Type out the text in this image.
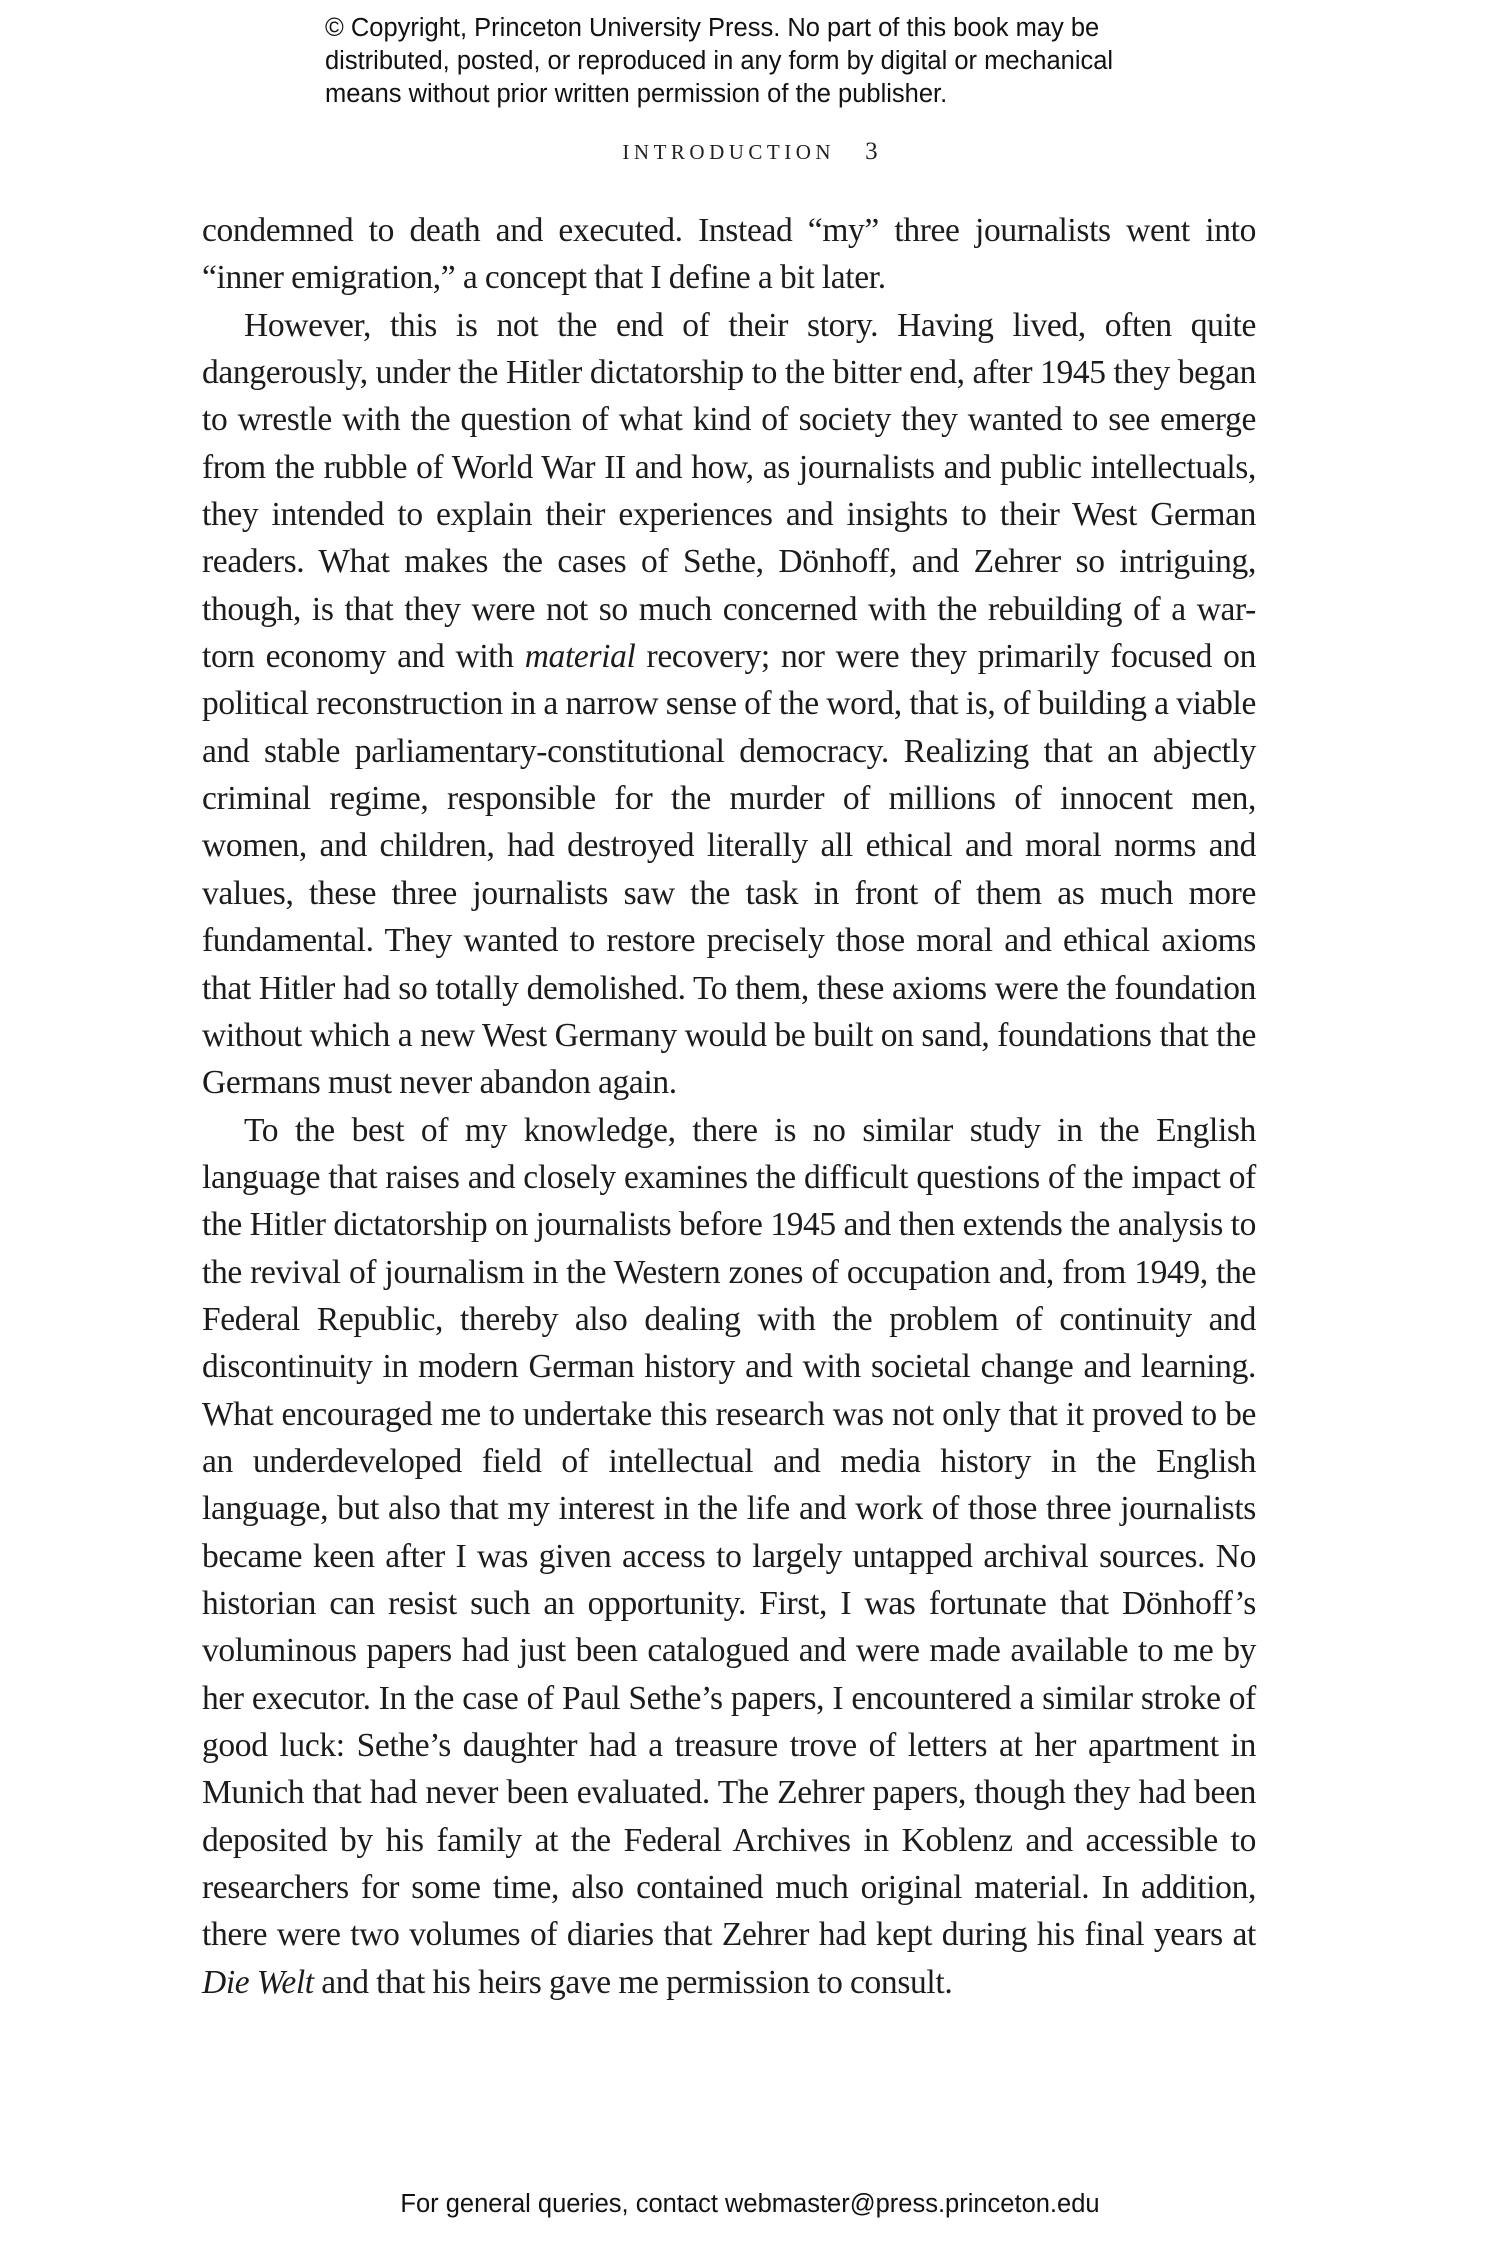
© Copyright, Princeton University Press. No part of this book may be
distributed, posted, or reproduced in any form by digital or mechanical
means without prior written permission of the publisher.
INTRODUCTION 3

condemned to death and executed. Instead “my” three journalists went into “inner emigration,” a concept that I define a bit later.

However, this is not the end of their story. Having lived, often quite dangerously, under the Hitler dictatorship to the bitter end, after 1945 they began to wrestle with the question of what kind of society they wanted to see emerge from the rubble of World War II and how, as journalists and public intellectuals, they intended to explain their experiences and insights to their West German readers. What makes the cases of Sethe, Dönhoff, and Zehrer so intriguing, though, is that they were not so much concerned with the rebuilding of a war-torn economy and with material recovery; nor were they primarily focused on political reconstruction in a narrow sense of the word, that is, of building a viable and stable parliamentary-constitutional democracy. Realizing that an abjectly criminal regime, responsible for the murder of millions of innocent men, women, and children, had destroyed literally all ethical and moral norms and values, these three journalists saw the task in front of them as much more fundamental. They wanted to restore precisely those moral and ethical axioms that Hitler had so totally demolished. To them, these axioms were the foundation without which a new West Germany would be built on sand, foundations that the Germans must never abandon again.

To the best of my knowledge, there is no similar study in the English language that raises and closely examines the difficult questions of the impact of the Hitler dictatorship on journalists before 1945 and then extends the analysis to the revival of journalism in the Western zones of occupation and, from 1949, the Federal Republic, thereby also dealing with the problem of continuity and discontinuity in modern German history and with societal change and learning. What encouraged me to undertake this research was not only that it proved to be an underdeveloped field of intellectual and media history in the English language, but also that my interest in the life and work of those three journalists became keen after I was given access to largely untapped archival sources. No historian can resist such an opportunity. First, I was fortunate that Dönhoff’s voluminous papers had just been catalogued and were made available to me by her executor. In the case of Paul Sethe’s papers, I encountered a similar stroke of good luck: Sethe’s daughter had a treasure trove of letters at her apartment in Munich that had never been evaluated. The Zehrer papers, though they had been deposited by his family at the Federal Archives in Koblenz and accessible to researchers for some time, also contained much original material. In addition, there were two volumes of diaries that Zehrer had kept during his final years at Die Welt and that his heirs gave me permission to consult.

For general queries, contact webmaster@press.princeton.edu
